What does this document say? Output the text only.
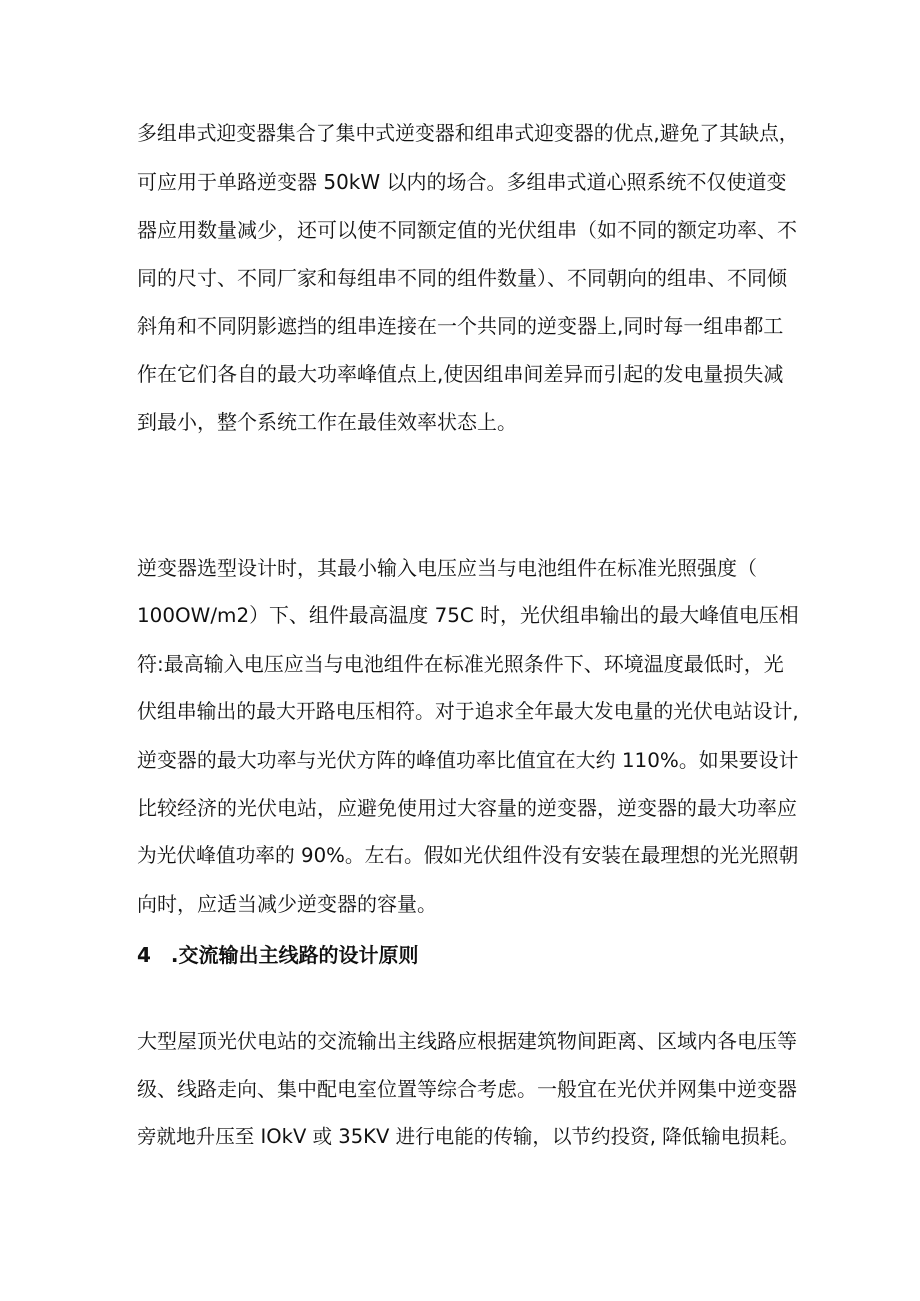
多组串式迎变器集合了集中式逆变器和组串式迎变器的优点,避免了其缺点，
可应用于单路逆变器 50kW 以内的场合。多组串式道心照系统不仅使道变
器应用数量减少，还可以使不同额定值的光伏组串（如不同的额定功率、不
同的尺寸、不同厂家和每组串不同的组件数量）、不同朝向的组串、不同倾
斜角和不同阴影遮挡的组串连接在一个共同的逆变器上,同时每一组串都工
作在它们各自的最大功率峰值点上,使因组串间差异而引起的发电量损失减
到最小，整个系统工作在最佳效率状态上。
逆变器选型设计时，其最小输入电压应当与电池组件在标准光照强度（
100OW/m2）下、组件最高温度 75C 时，光伏组串输出的最大峰值电压相
符:最高输入电压应当与电池组件在标准光照条件下、环境温度最低时，光
伏组串输出的最大开路电压相符。对于追求全年最大发电量的光伏电站设计,
逆变器的最大功率与光伏方阵的峰值功率比值宜在大约 110%。如果要设计
比较经济的光伏电站，应避免使用过大容量的逆变器，逆变器的最大功率应
为光伏峰值功率的 90%。左右。假如光伏组件没有安装在最理想的光光照朝
向时，应适当减少逆变器的容量。
4　.交流输出主线路的设计原则
大型屋顶光伏电站的交流输出主线路应根据建筑物间距离、区域内各电压等
级、线路走向、集中配电室位置等综合考虑。一般宜在光伏并网集中逆变器
旁就地升压至 IOkV 或 35KV 进行电能的传输，以节约投资, 降低输电损耗。
